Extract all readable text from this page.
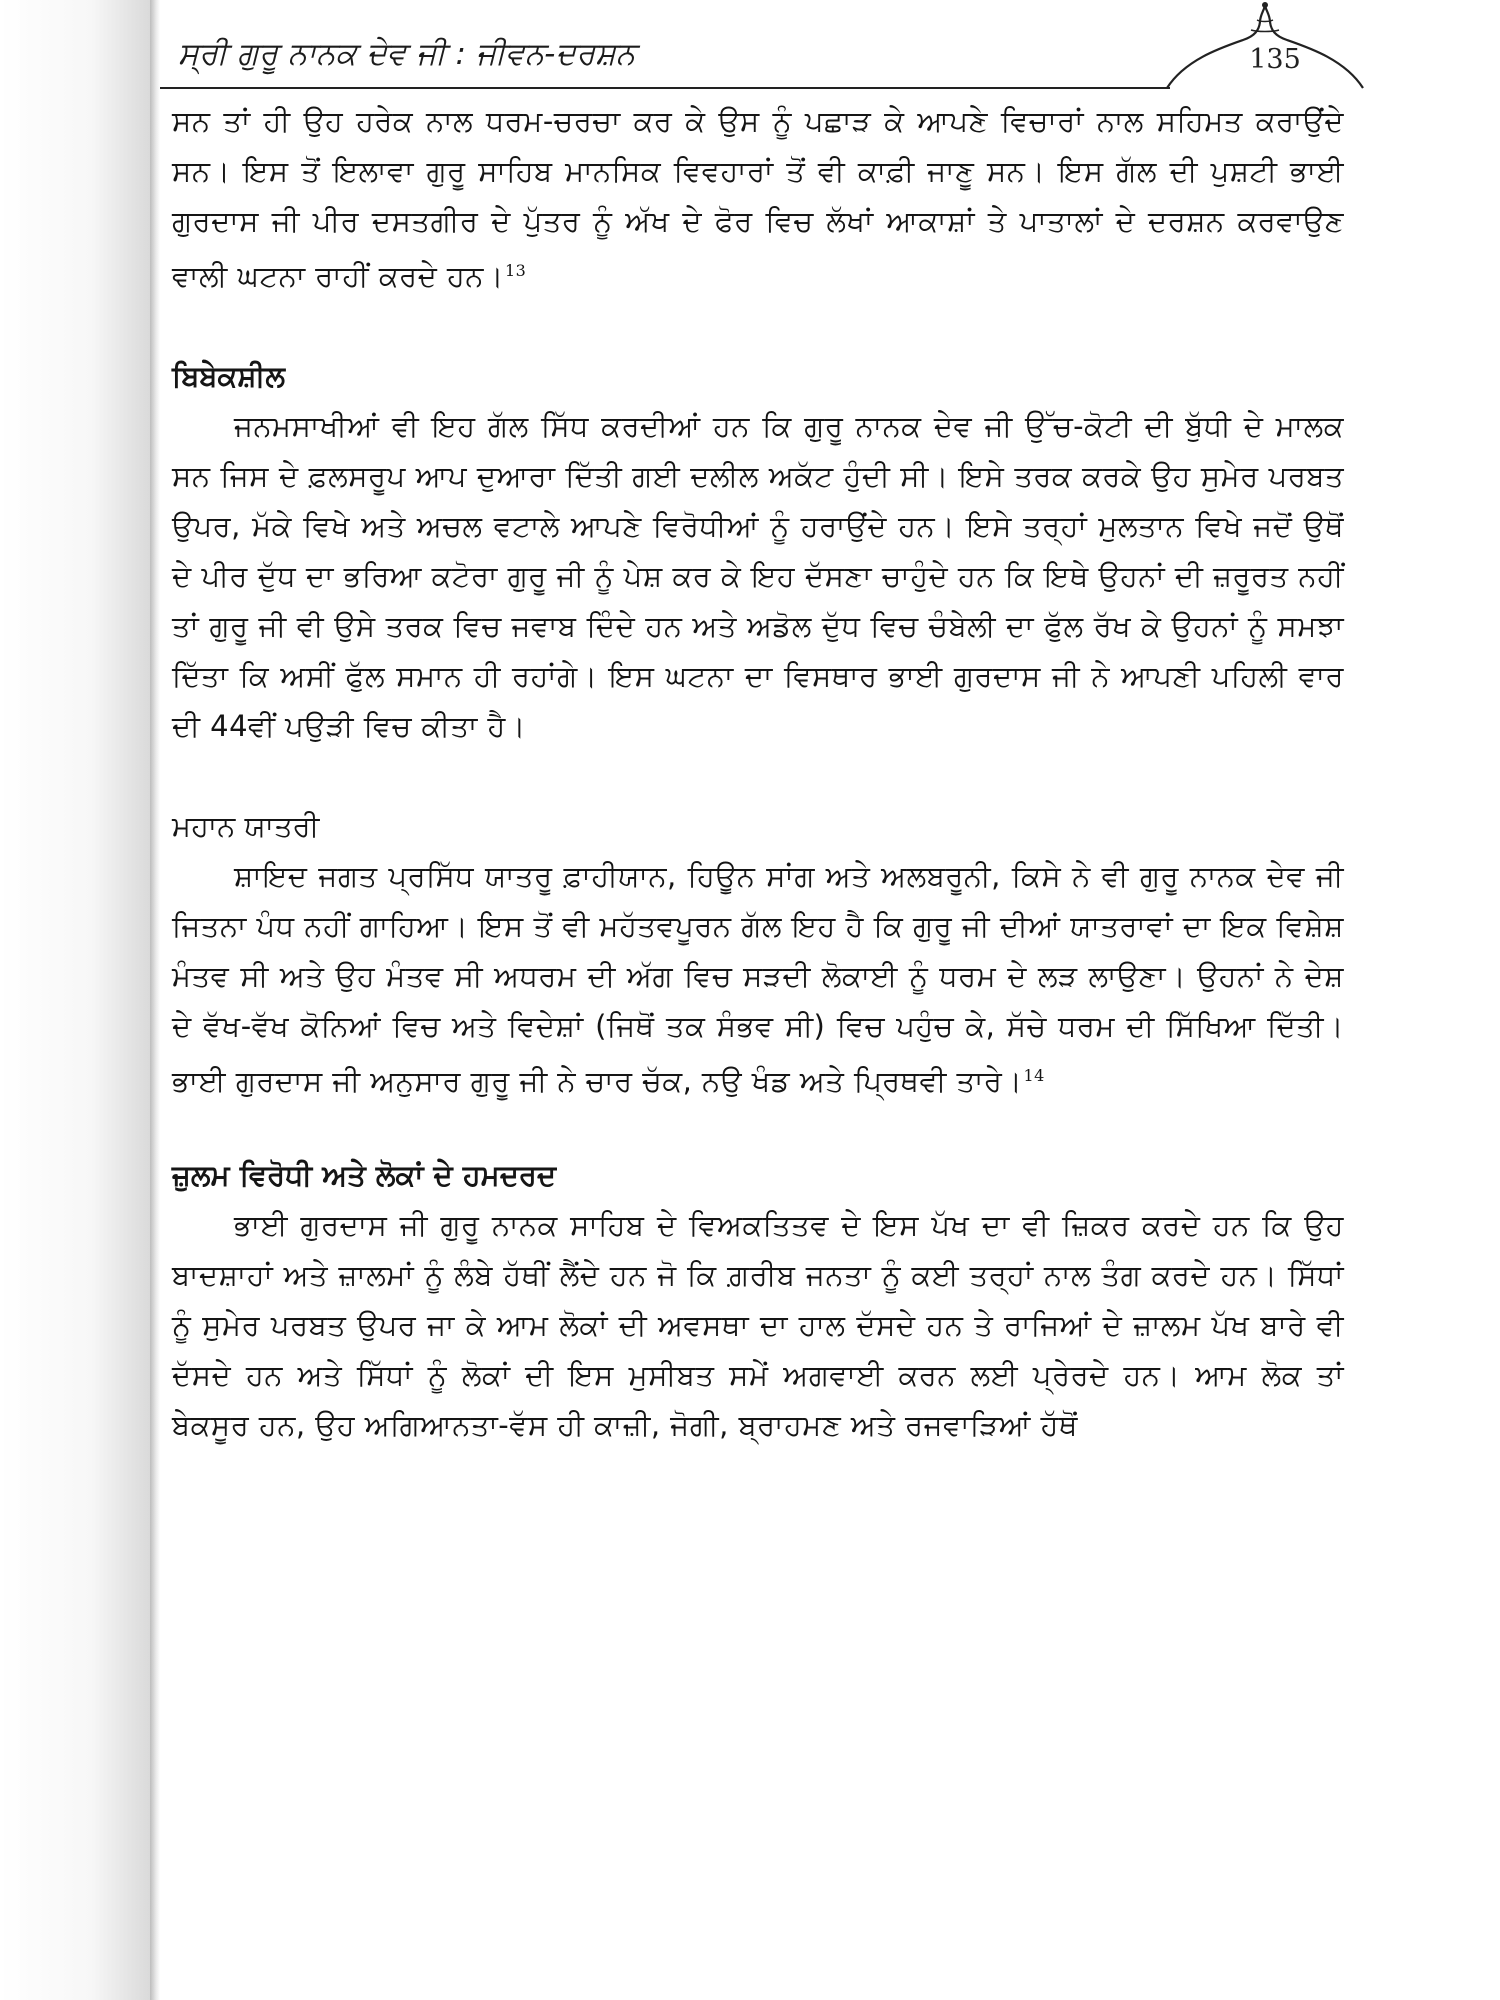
ਸ੍ਰੀ ਗੁਰੂ ਨਾਨਕ ਦੇਵ ਜੀ : ਜੀਵਨ-ਦਰਸ਼ਨ	135

ਸਨ ਤਾਂ ਹੀ ਉਹ ਹਰੇਕ ਨਾਲ ਧਰਮ-ਚਰਚਾ ਕਰ ਕੇ ਉਸ ਨੂੰ ਪਛਾੜ ਕੇ ਆਪਣੇ ਵਿਚਾਰਾਂ ਨਾਲ ਸਹਿਮਤ ਕਰਾਉਂਦੇ ਸਨ। ਇਸ ਤੋਂ ਇਲਾਵਾ ਗੁਰੂ ਸਾਹਿਬ ਮਾਨਸਿਕ ਵਿਵਹਾਰਾਂ ਤੋਂ ਵੀ ਕਾਫ਼ੀ ਜਾਣੂ ਸਨ। ਇਸ ਗੱਲ ਦੀ ਪੁਸ਼ਟੀ ਭਾਈ ਗੁਰਦਾਸ ਜੀ ਪੀਰ ਦਸਤਗੀਰ ਦੇ ਪੁੱਤਰ ਨੂੰ ਅੱਖ ਦੇ ਫੋਰ ਵਿਚ ਲੱਖਾਂ ਆਕਾਸ਼ਾਂ ਤੇ ਪਾਤਾਲਾਂ ਦੇ ਦਰਸ਼ਨ ਕਰਵਾਉਣ ਵਾਲੀ ਘਟਨਾ ਰਾਹੀਂ ਕਰਦੇ ਹਨ।$^{13}$

ਬਿਬੇਕਸ਼ੀਲ

ਜਨਮਸਾਖੀਆਂ ਵੀ ਇਹ ਗੱਲ ਸਿੱਧ ਕਰਦੀਆਂ ਹਨ ਕਿ ਗੁਰੂ ਨਾਨਕ ਦੇਵ ਜੀ ਉੱਚ-ਕੋਟੀ ਦੀ ਬੁੱਧੀ ਦੇ ਮਾਲਕ ਸਨ ਜਿਸ ਦੇ ਫ਼ਲਸਰੂਪ ਆਪ ਦੁਆਰਾ ਦਿੱਤੀ ਗਈ ਦਲੀਲ ਅਕੱਟ ਹੁੰਦੀ ਸੀ। ਇਸੇ ਤਰਕ ਕਰਕੇ ਉਹ ਸੁਮੇਰ ਪਰਬਤ ਉਪਰ, ਮੱਕੇ ਵਿਖੇ ਅਤੇ ਅਚਲ ਵਟਾਲੇ ਆਪਣੇ ਵਿਰੋਧੀਆਂ ਨੂੰ ਹਰਾਉਂਦੇ ਹਨ। ਇਸੇ ਤਰ੍ਹਾਂ ਮੁਲਤਾਨ ਵਿਖੇ ਜਦੋਂ ਉਥੋਂ ਦੇ ਪੀਰ ਦੁੱਧ ਦਾ ਭਰਿਆ ਕਟੋਰਾ ਗੁਰੂ ਜੀ ਨੂੰ ਪੇਸ਼ ਕਰ ਕੇ ਇਹ ਦੱਸਣਾ ਚਾਹੁੰਦੇ ਹਨ ਕਿ ਇਥੇ ਉਹਨਾਂ ਦੀ ਜ਼ਰੂਰਤ ਨਹੀਂ ਤਾਂ ਗੁਰੂ ਜੀ ਵੀ ਉਸੇ ਤਰਕ ਵਿਚ ਜਵਾਬ ਦਿੰਦੇ ਹਨ ਅਤੇ ਅਡੋਲ ਦੁੱਧ ਵਿਚ ਚੰਬੇਲੀ ਦਾ ਫੁੱਲ ਰੱਖ ਕੇ ਉਹਨਾਂ ਨੂੰ ਸਮਝਾ ਦਿੱਤਾ ਕਿ ਅਸੀਂ ਫੁੱਲ ਸਮਾਨ ਹੀ ਰਹਾਂਗੇ। ਇਸ ਘਟਨਾ ਦਾ ਵਿਸਥਾਰ ਭਾਈ ਗੁਰਦਾਸ ਜੀ ਨੇ ਆਪਣੀ ਪਹਿਲੀ ਵਾਰ ਦੀ 44ਵੀਂ ਪਉੜੀ ਵਿਚ ਕੀਤਾ ਹੈ।

ਮਹਾਨ ਯਾਤਰੀ

ਸ਼ਾਇਦ ਜਗਤ ਪ੍ਰਸਿੱਧ ਯਾਤਰੂ ਫ਼ਾਹੀਯਾਨ, ਹਿਊਨ ਸਾਂਗ ਅਤੇ ਅਲਬਰੂਨੀ, ਕਿਸੇ ਨੇ ਵੀ ਗੁਰੂ ਨਾਨਕ ਦੇਵ ਜੀ ਜਿਤਨਾ ਪੰਧ ਨਹੀਂ ਗਾਹਿਆ। ਇਸ ਤੋਂ ਵੀ ਮਹੱਤਵਪੂਰਨ ਗੱਲ ਇਹ ਹੈ ਕਿ ਗੁਰੂ ਜੀ ਦੀਆਂ ਯਾਤਰਾਵਾਂ ਦਾ ਇਕ ਵਿਸ਼ੇਸ਼ ਮੰਤਵ ਸੀ ਅਤੇ ਉਹ ਮੰਤਵ ਸੀ ਅਧਰਮ ਦੀ ਅੱਗ ਵਿਚ ਸੜਦੀ ਲੋਕਾਈ ਨੂੰ ਧਰਮ ਦੇ ਲੜ ਲਾਉਣਾ। ਉਹਨਾਂ ਨੇ ਦੇਸ਼ ਦੇ ਵੱਖ-ਵੱਖ ਕੋਨਿਆਂ ਵਿਚ ਅਤੇ ਵਿਦੇਸ਼ਾਂ (ਜਿਥੋਂ ਤਕ ਸੰਭਵ ਸੀ) ਵਿਚ ਪਹੁੰਚ ਕੇ, ਸੱਚੇ ਧਰਮ ਦੀ ਸਿੱਖਿਆ ਦਿੱਤੀ। ਭਾਈ ਗੁਰਦਾਸ ਜੀ ਅਨੁਸਾਰ ਗੁਰੂ ਜੀ ਨੇ ਚਾਰ ਚੱਕ, ਨਉ ਖੰਡ ਅਤੇ ਪ੍ਰਿਥਵੀ ਤਾਰੇ।$^{14}$

ਜ਼ੁਲਮ ਵਿਰੋਧੀ ਅਤੇ ਲੋਕਾਂ ਦੇ ਹਮਦਰਦ

ਭਾਈ ਗੁਰਦਾਸ ਜੀ ਗੁਰੂ ਨਾਨਕ ਸਾਹਿਬ ਦੇ ਵਿਅਕਤਿਤਵ ਦੇ ਇਸ ਪੱਖ ਦਾ ਵੀ ਜ਼ਿਕਰ ਕਰਦੇ ਹਨ ਕਿ ਉਹ ਬਾਦਸ਼ਾਹਾਂ ਅਤੇ ਜ਼ਾਲਮਾਂ ਨੂੰ ਲੰਬੇ ਹੱਥੀਂ ਲੈਂਦੇ ਹਨ ਜੋ ਕਿ ਗ਼ਰੀਬ ਜਨਤਾ ਨੂੰ ਕਈ ਤਰ੍ਹਾਂ ਨਾਲ ਤੰਗ ਕਰਦੇ ਹਨ। ਸਿੱਧਾਂ ਨੂੰ ਸੁਮੇਰ ਪਰਬਤ ਉਪਰ ਜਾ ਕੇ ਆਮ ਲੋਕਾਂ ਦੀ ਅਵਸਥਾ ਦਾ ਹਾਲ ਦੱਸਦੇ ਹਨ ਤੇ ਰਾਜਿਆਂ ਦੇ ਜ਼ਾਲਮ ਪੱਖ ਬਾਰੇ ਵੀ ਦੱਸਦੇ ਹਨ ਅਤੇ ਸਿੱਧਾਂ ਨੂੰ ਲੋਕਾਂ ਦੀ ਇਸ ਮੁਸੀਬਤ ਸਮੇਂ ਅਗਵਾਈ ਕਰਨ ਲਈ ਪ੍ਰੇਰਦੇ ਹਨ। ਆਮ ਲੋਕ ਤਾਂ ਬੇਕਸੂਰ ਹਨ, ਉਹ ਅਗਿਆਨਤਾ-ਵੱਸ ਹੀ ਕਾਜ਼ੀ, ਜੋਗੀ, ਬ੍ਰਾਹਮਣ ਅਤੇ ਰਜਵਾੜਿਆਂ ਹੱਥੋਂ
